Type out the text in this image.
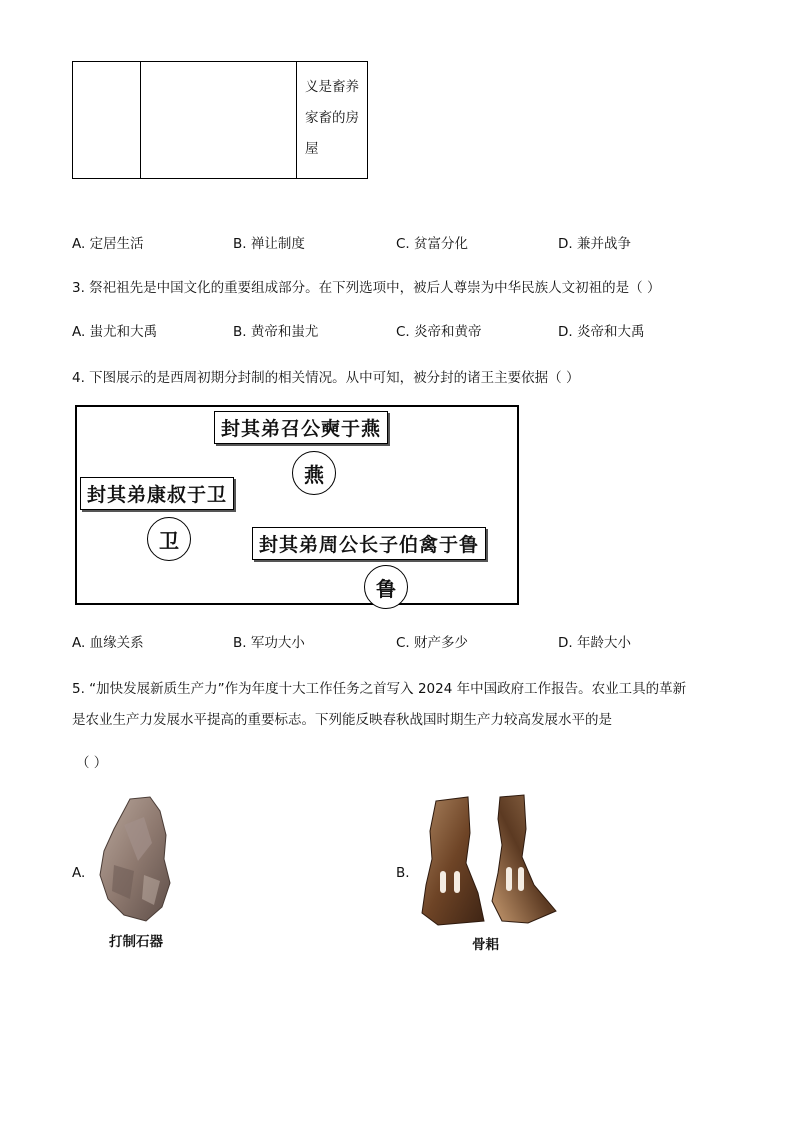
义是畜养家畜的房屋
A. 定居生活	B. 禅让制度	C. 贫富分化	D. 兼并战争
3. 祭祀祖先是中国文化的重要组成部分。在下列选项中，被后人尊崇为中华民族人文初祖的是（ ）
A. 蚩尤和大禹	B. 黄帝和蚩尤	C. 炎帝和黄帝	D. 炎帝和大禹
4. 下图展示的是西周初期分封制的相关情况。从中可知，被分封的诸王主要依据（ ）
封其弟召公奭于燕
燕
封其弟康叔于卫
卫	封其弟周公长子伯禽于鲁
鲁
A. 血缘关系	B. 军功大小	C. 财产多少	D. 年龄大小
5. “加快发展新质生产力”作为年度十大工作任务之首写入 2024 年中国政府工作报告。农业工具的革新
是农业生产力发展水平提高的重要标志。下列能反映春秋战国时期生产力较高发展水平的是
（ ）
A.
打制石器
B.
骨耜
